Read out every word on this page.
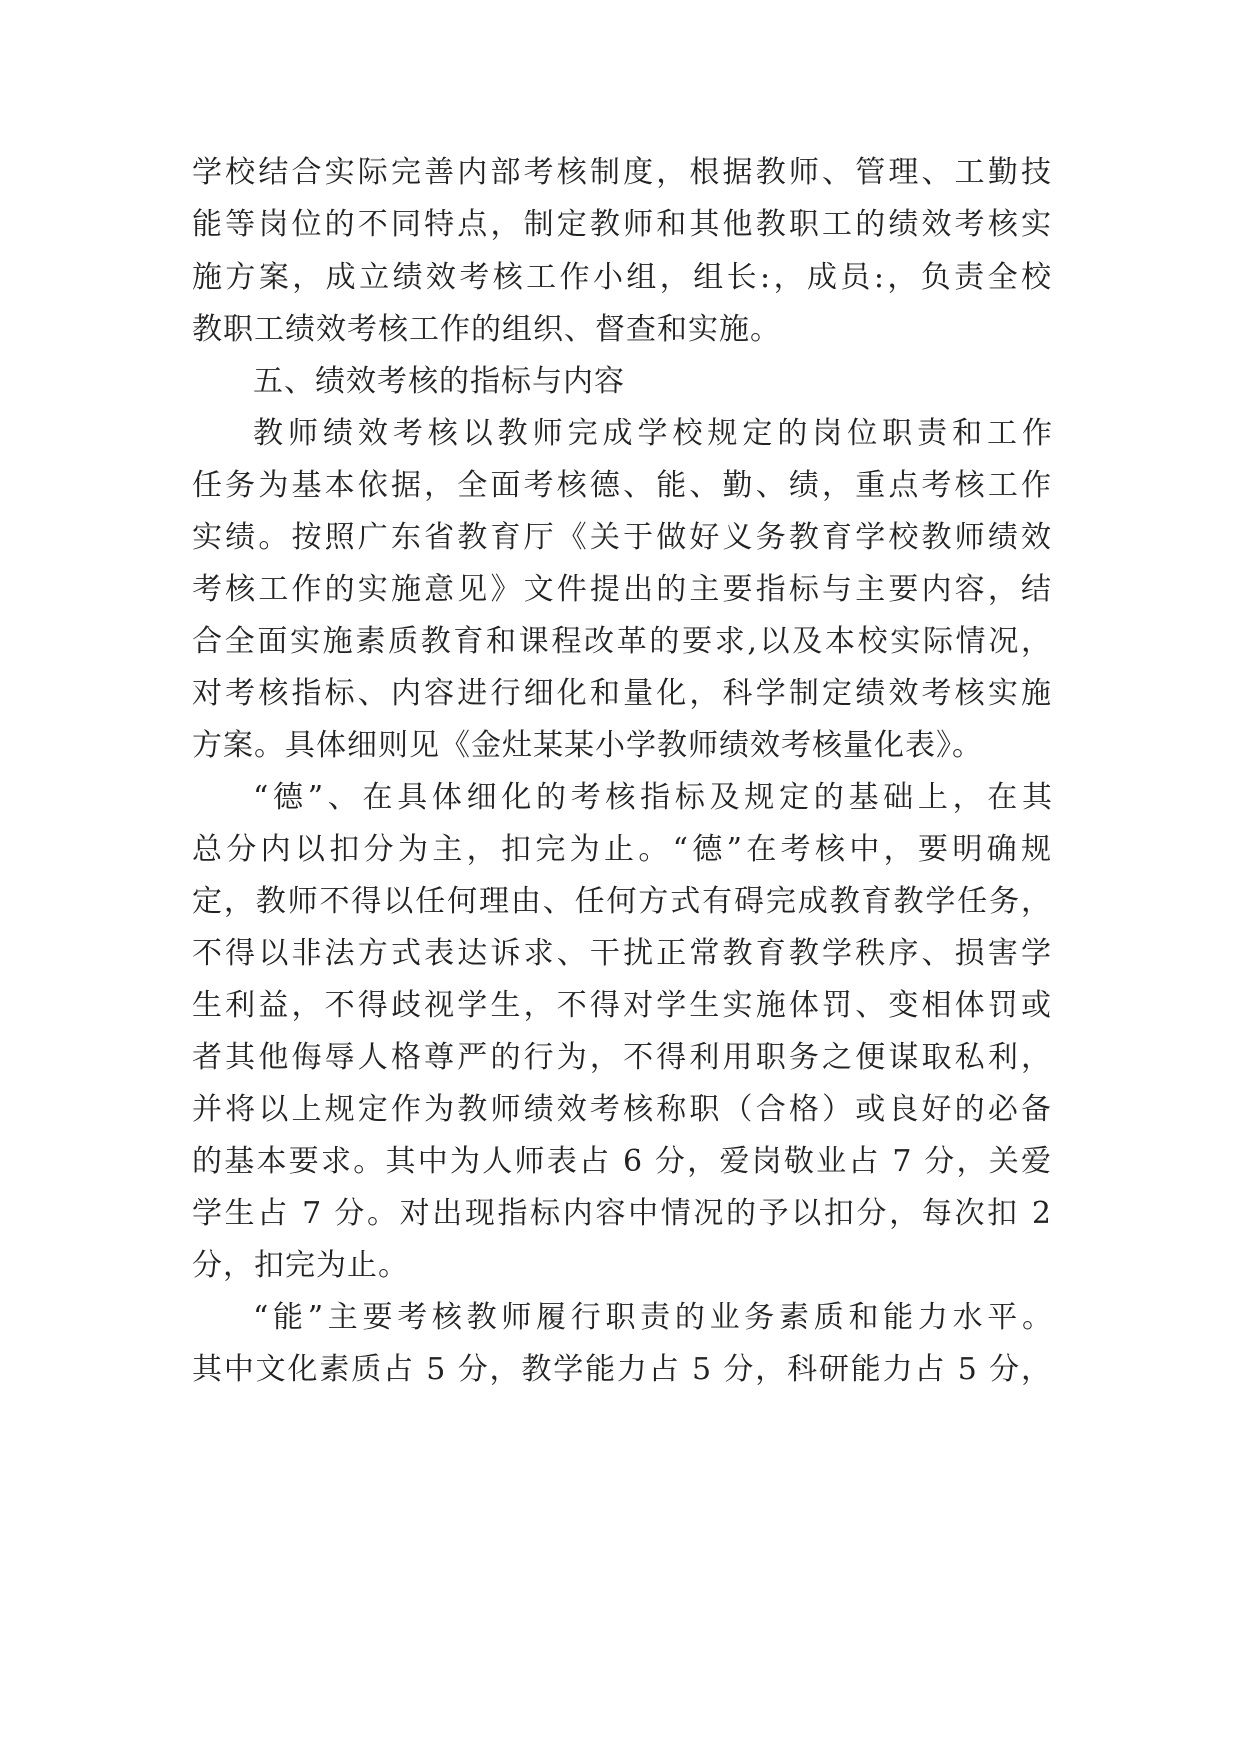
学校结合实际完善内部考核制度，根据教师、管理、工勤技
能等岗位的不同特点，制定教师和其他教职工的绩效考核实
施方案，成立绩效考核工作小组，组长:，成员:，负责全校
教职工绩效考核工作的组织、督查和实施。
五、绩效考核的指标与内容
教师绩效考核以教师完成学校规定的岗位职责和工作
任务为基本依据，全面考核德、能、勤、绩，重点考核工作
实绩。按照广东省教育厅《关于做好义务教育学校教师绩效
考核工作的实施意见》文件提出的主要指标与主要内容，结
合全面实施素质教育和课程改革的要求,以及本校实际情况，
对考核指标、内容进行细化和量化，科学制定绩效考核实施
方案。具体细则见《金灶某某小学教师绩效考核量化表》。
“德”、在具体细化的考核指标及规定的基础上，在其
总分内以扣分为主，扣完为止。“德”在考核中，要明确规
定，教师不得以任何理由、任何方式有碍完成教育教学任务，
不得以非法方式表达诉求、干扰正常教育教学秩序、损害学
生利益，不得歧视学生，不得对学生实施体罚、变相体罚或
者其他侮辱人格尊严的行为，不得利用职务之便谋取私利，
并将以上规定作为教师绩效考核称职（合格）或良好的必备
的基本要求。其中为人师表占 6 分，爱岗敬业占 7 分，关爱
学生占 7 分。对出现指标内容中情况的予以扣分，每次扣 2
分，扣完为止。
“能”主要考核教师履行职责的业务素质和能力水平。
其中文化素质占 5 分，教学能力占 5 分，科研能力占 5 分，
